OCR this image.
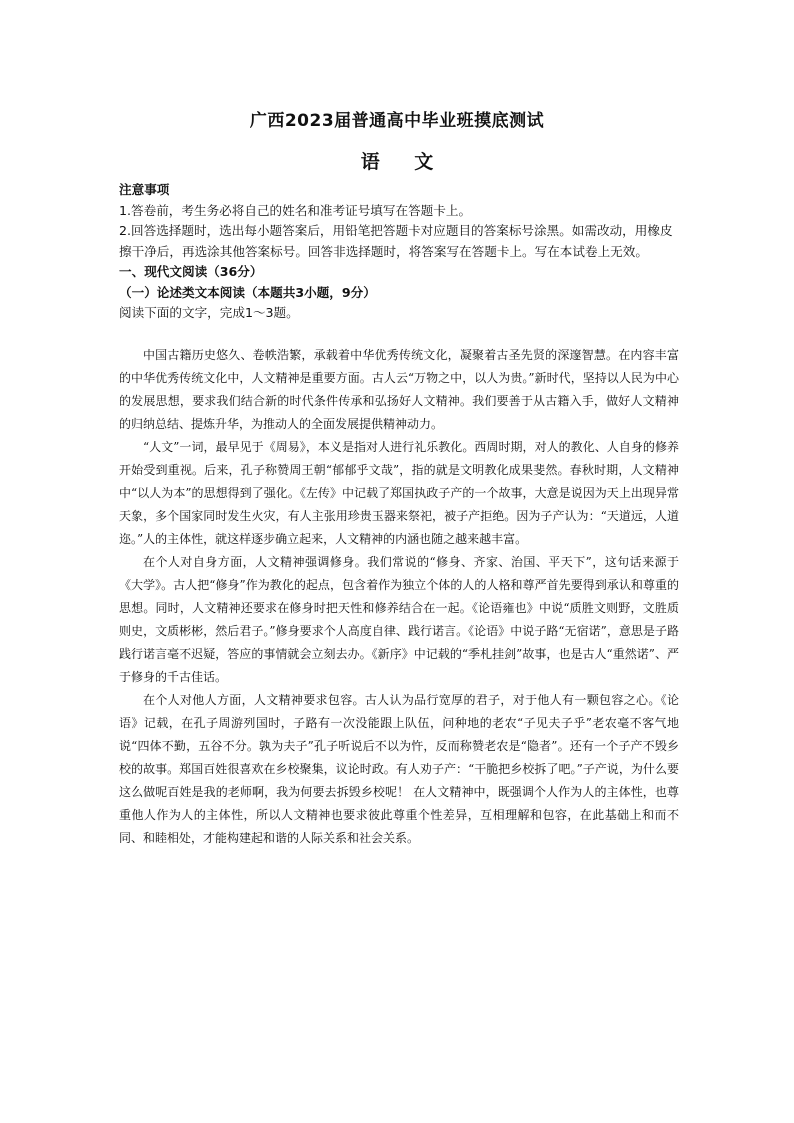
广西2023届普通高中毕业班摸底测试
语 文

注意事项

1.答卷前，考生务必将自己的姓名和准考证号填写在答题卡上。

2.回答选择题时，选出每小题答案后，用铅笔把答题卡对应题目的答案标号涂黑。如需改动，用橡皮擦干净后，再选涂其他答案标号。回答非选择题时，将答案写在答题卡上。写在本试卷上无效。

一、现代文阅读（36分）

（一）论述类文本阅读（本题共3小题，9分）

阅读下面的文字，完成1～3题。

中国古籍历史悠久、卷帙浩繁，承载着中华优秀传统文化，凝聚着古圣先贤的深邃智慧。在内容丰富的中华优秀传统文化中，人文精神是重要方面。古人云“万物之中，以人为贵。”新时代，坚持以人民为中心的发展思想，要求我们结合新的时代条件传承和弘扬好人文精神。我们要善于从古籍入手，做好人文精神的归纳总结、提炼升华，为推动人的全面发展提供精神动力。

“人文”一词，最早见于《周易》，本义是指对人进行礼乐教化。西周时期，对人的教化、人自身的修养开始受到重视。后来，孔子称赞周王朝“郁郁乎文哉”，指的就是文明教化成果斐然。春秋时期，人文精神中“以人为本”的思想得到了强化。《左传》中记载了郑国执政子产的一个故事，大意是说因为天上出现异常天象，多个国家同时发生火灾，有人主张用珍贵玉器来祭祀，被子产拒绝。因为子产认为：“天道远，人道迩。”人的主体性，就这样逐步确立起来，人文精神的内涵也随之越来越丰富。

在个人对自身方面，人文精神强调修身。我们常说的“修身、齐家、治国、平天下”，这句话来源于《大学》。古人把“修身”作为教化的起点，包含着作为独立个体的人的人格和尊严首先要得到承认和尊重的思想。同时，人文精神还要求在修身时把天性和修养结合在一起。《论语雍也》中说“质胜文则野，文胜质则史，文质彬彬，然后君子。”修身要求个人高度自律、践行诺言。《论语》中说子路“无宿诺”，意思是子路践行诺言毫不迟疑，答应的事情就会立刻去办。《新序》中记载的“季札挂剑”故事，也是古人“重然诺”、严于修身的千古佳话。

在个人对他人方面，人文精神要求包容。古人认为品行宽厚的君子，对于他人有一颗包容之心。《论语》记载，在孔子周游列国时，子路有一次没能跟上队伍，问种地的老农“子见夫子乎”老农毫不客气地说“四体不勤，五谷不分。孰为夫子”孔子听说后不以为忤，反而称赞老农是“隐者”。还有一个子产不毁乡校的故事。郑国百姓很喜欢在乡校聚集，议论时政。有人劝子产：“干脆把乡校拆了吧。”子产说，为什么要这么做呢百姓是我的老师啊，我为何要去拆毁乡校呢！ 在人文精神中，既强调个人作为人的主体性，也尊重他人作为人的主体性，所以人文精神也要求彼此尊重个性差异，互相理解和包容，在此基础上和而不同、和睦相处，才能构建起和谐的人际关系和社会关系。
